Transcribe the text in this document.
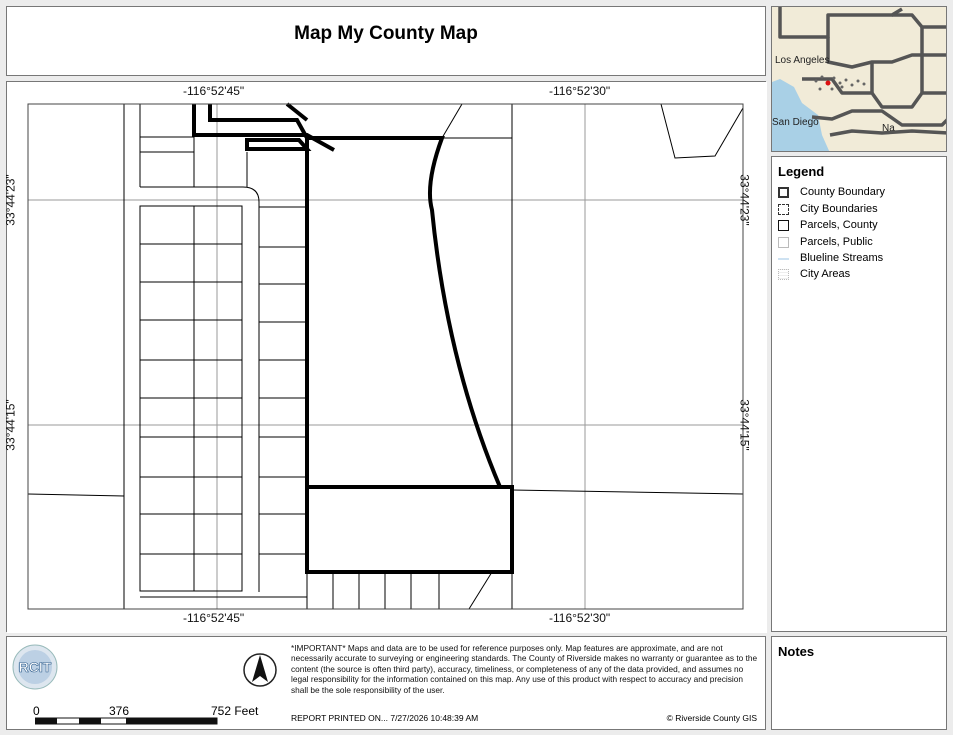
Map My County Map
Los Angeles
San Diego
Na
-116°52'45"	-116°52'30"
-116°52'45"	-116°52'30"
33°44'23"
33°44'15"
33°44'23"
33°44'15"
Legend
County Boundary
City Boundaries
Parcels, County
Parcels, Public
Blueline Streams
City Areas
RCIT
*IMPORTANT* Maps and data are to be used for reference purposes only. Map features are approximate, and are not necessarily accurate to surveying or engineering standards. The County of Riverside makes no warranty or guarantee as to the content (the source is often third party), accuracy, timeliness, or completeness of any of the data provided, and assumes no legal responsibility for the information contained on this map. Any use of this product with respect to accuracy and precision shall be the sole responsibility of the user.
REPORT PRINTED ON... 7/27/2026 10:48:39 AM	© Riverside County GIS
0	376	752 Feet
Notes
